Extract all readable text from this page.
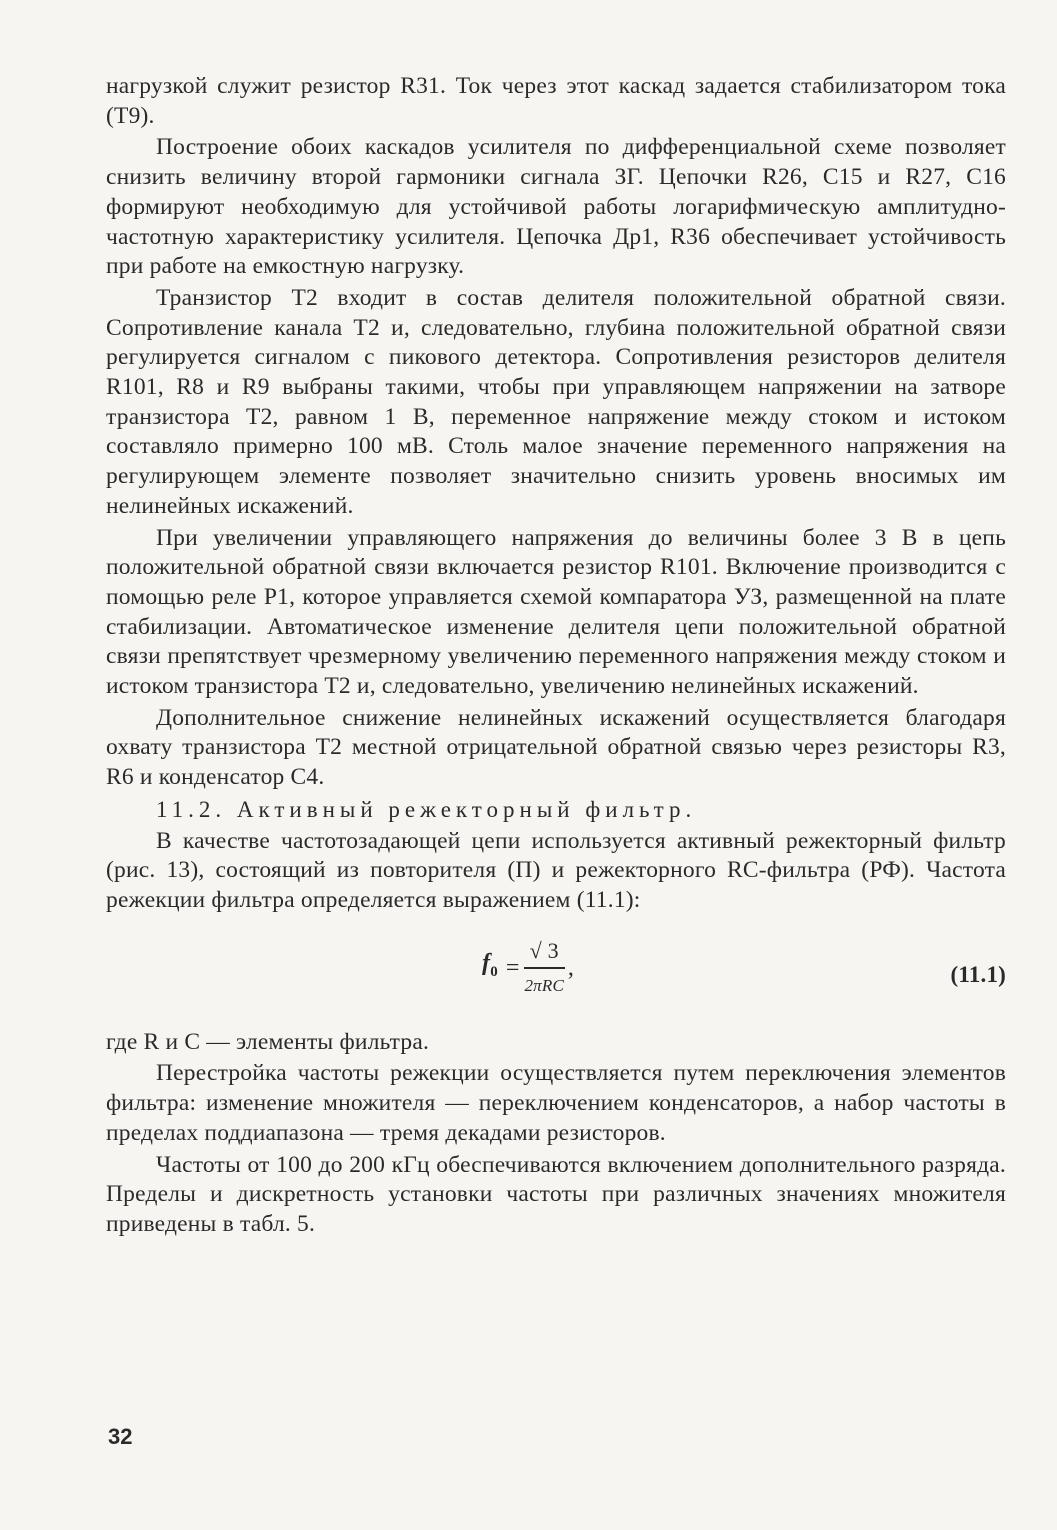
нагрузкой служит резистор R31. Ток через этот каскад задается стабилизатором тока (Т9).

Построение обоих каскадов усилителя по дифференциальной схеме позволяет снизить величину второй гармоники сигнала ЗГ. Цепочки R26, С15 и R27, С16 формируют необходимую для устойчивой работы логарифмическую амплитудно-частотную характеристику усилителя. Цепочка Др1, R36 обеспечивает устойчивость при работе на емкостную нагрузку.

Транзистор Т2 входит в состав делителя положительной обратной связи. Сопротивление канала Т2 и, следовательно, глубина положительной обратной связи регулируется сигналом с пикового детектора. Сопротивления резисторов делителя R101, R8 и R9 выбраны такими, чтобы при управляющем напряжении на затворе транзистора Т2, равном 1 В, переменное напряжение между стоком и истоком составляло примерно 100 мВ. Столь малое значение переменного напряжения на регулирующем элементе позволяет значительно снизить уровень вносимых им нелинейных искажений.

При увеличении управляющего напряжения до величины более 3 В в цепь положительной обратной связи включается резистор R101. Включение производится с помощью реле Р1, которое управляется схемой компаратора УЗ, размещенной на плате стабилизации. Автоматическое изменение делителя цепи положительной обратной связи препятствует чрезмерному увеличению переменного напряжения между стоком и истоком транзистора Т2 и, следовательно, увеличению нелинейных искажений.

Дополнительное снижение нелинейных искажений осуществляется благодаря охвату транзистора Т2 местной отрицательной обратной связью через резисторы R3, R6 и конденсатор С4.

11.2. Активный режекторный фильтр.

В качестве частотозадающей цепи используется активный режекторный фильтр (рис. 13), состоящий из повторителя (П) и режекторного RC-фильтра (РФ). Частота режекции фильтра определяется выражением (11.1):

$f_0 = \frac{√ 3}{\text{2πRC}}$ ,	(11.1)

где R и С — элементы фильтра.

Перестройка частоты режекции осуществляется путем переключения элементов фильтра: изменение множителя — переключением конденсаторов, а набор частоты в пределах поддиапазона — тремя декадами резисторов.

Частоты от 100 до 200 кГц обеспечиваются включением дополнительного разряда. Пределы и дискретность установки частоты при различных значениях множителя приведены в табл. 5.

32
